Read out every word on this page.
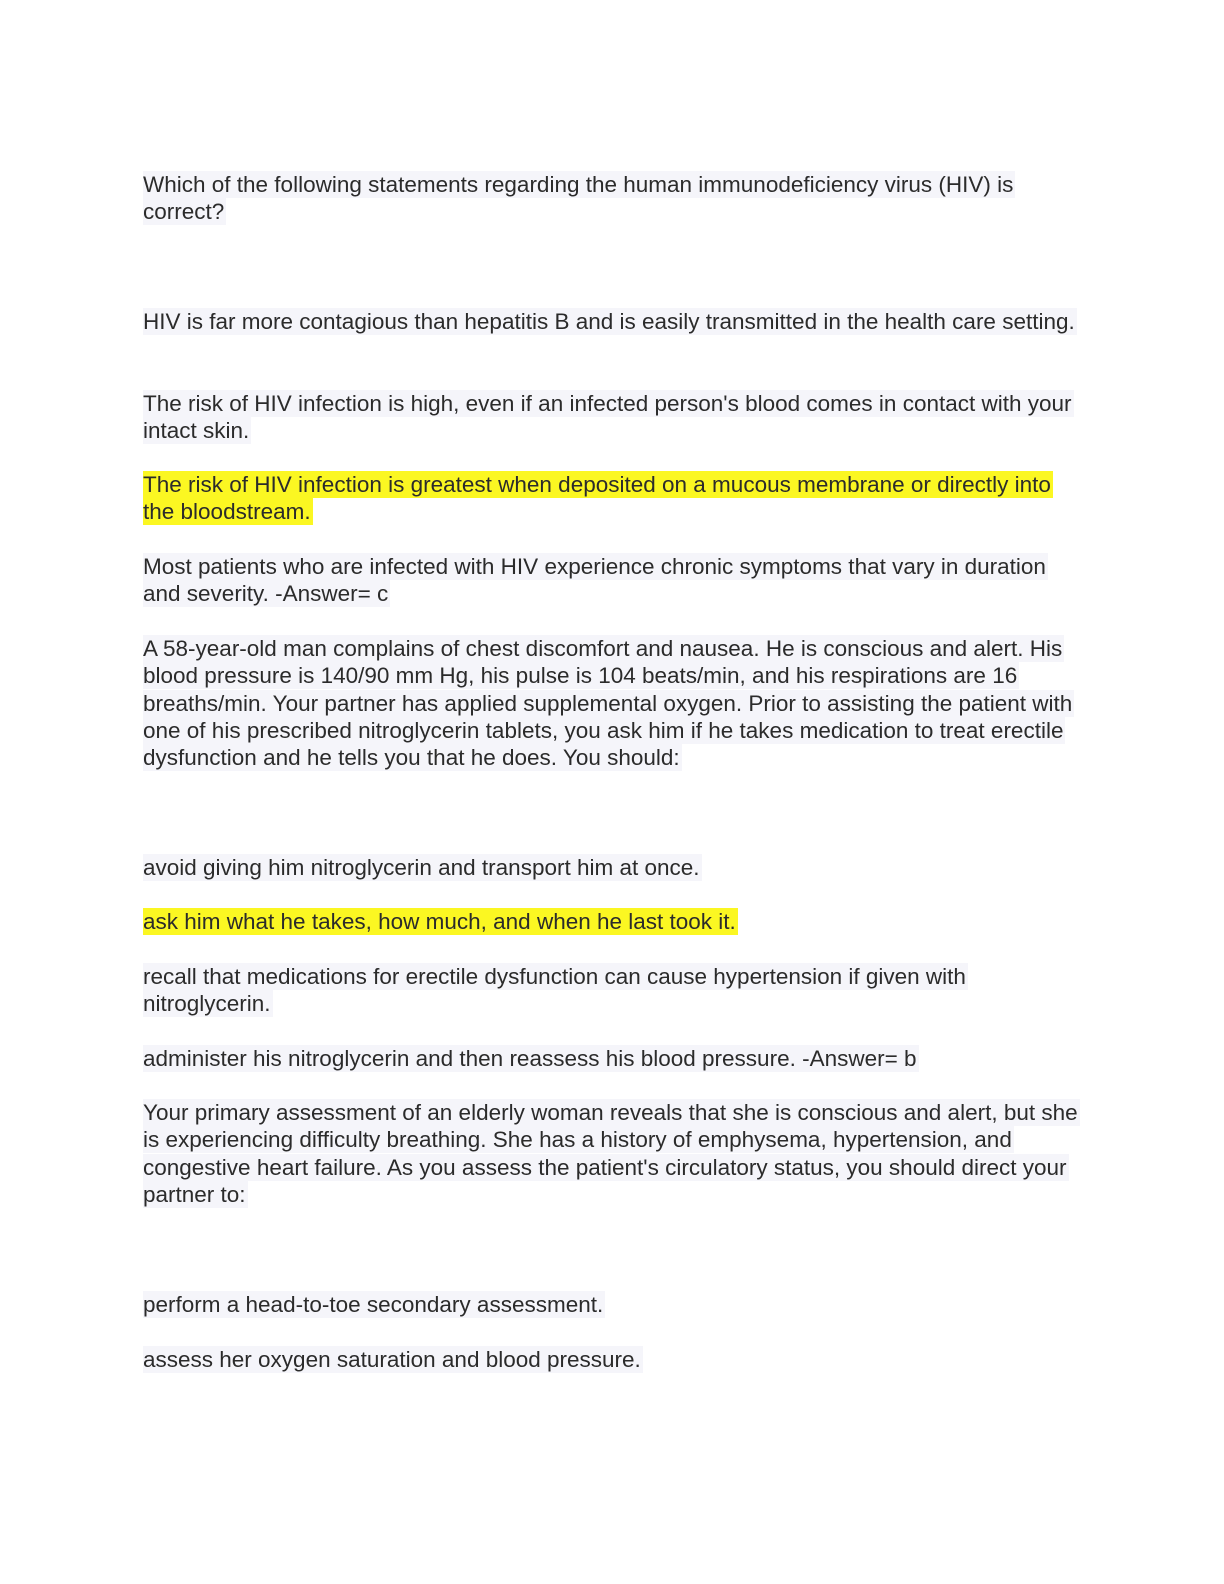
Which of the following statements regarding the human immunodeficiency virus (HIV) is correct?

HIV is far more contagious than hepatitis B and is easily transmitted in the health care setting.

The risk of HIV infection is high, even if an infected person's blood comes in contact with your intact skin.

The risk of HIV infection is greatest when deposited on a mucous membrane or directly into the bloodstream.

Most patients who are infected with HIV experience chronic symptoms that vary in duration and severity. -Answer= c

A 58-year-old man complains of chest discomfort and nausea. He is conscious and alert. His blood pressure is 140/90 mm Hg, his pulse is 104 beats/min, and his respirations are 16 breaths/min. Your partner has applied supplemental oxygen. Prior to assisting the patient with one of his prescribed nitroglycerin tablets, you ask him if he takes medication to treat erectile dysfunction and he tells you that he does. You should:

avoid giving him nitroglycerin and transport him at once.

ask him what he takes, how much, and when he last took it.

recall that medications for erectile dysfunction can cause hypertension if given with nitroglycerin.

administer his nitroglycerin and then reassess his blood pressure. -Answer= b

Your primary assessment of an elderly woman reveals that she is conscious and alert, but she is experiencing difficulty breathing. She has a history of emphysema, hypertension, and congestive heart failure. As you assess the patient's circulatory status, you should direct your partner to:

perform a head-to-toe secondary assessment.

assess her oxygen saturation and blood pressure.
